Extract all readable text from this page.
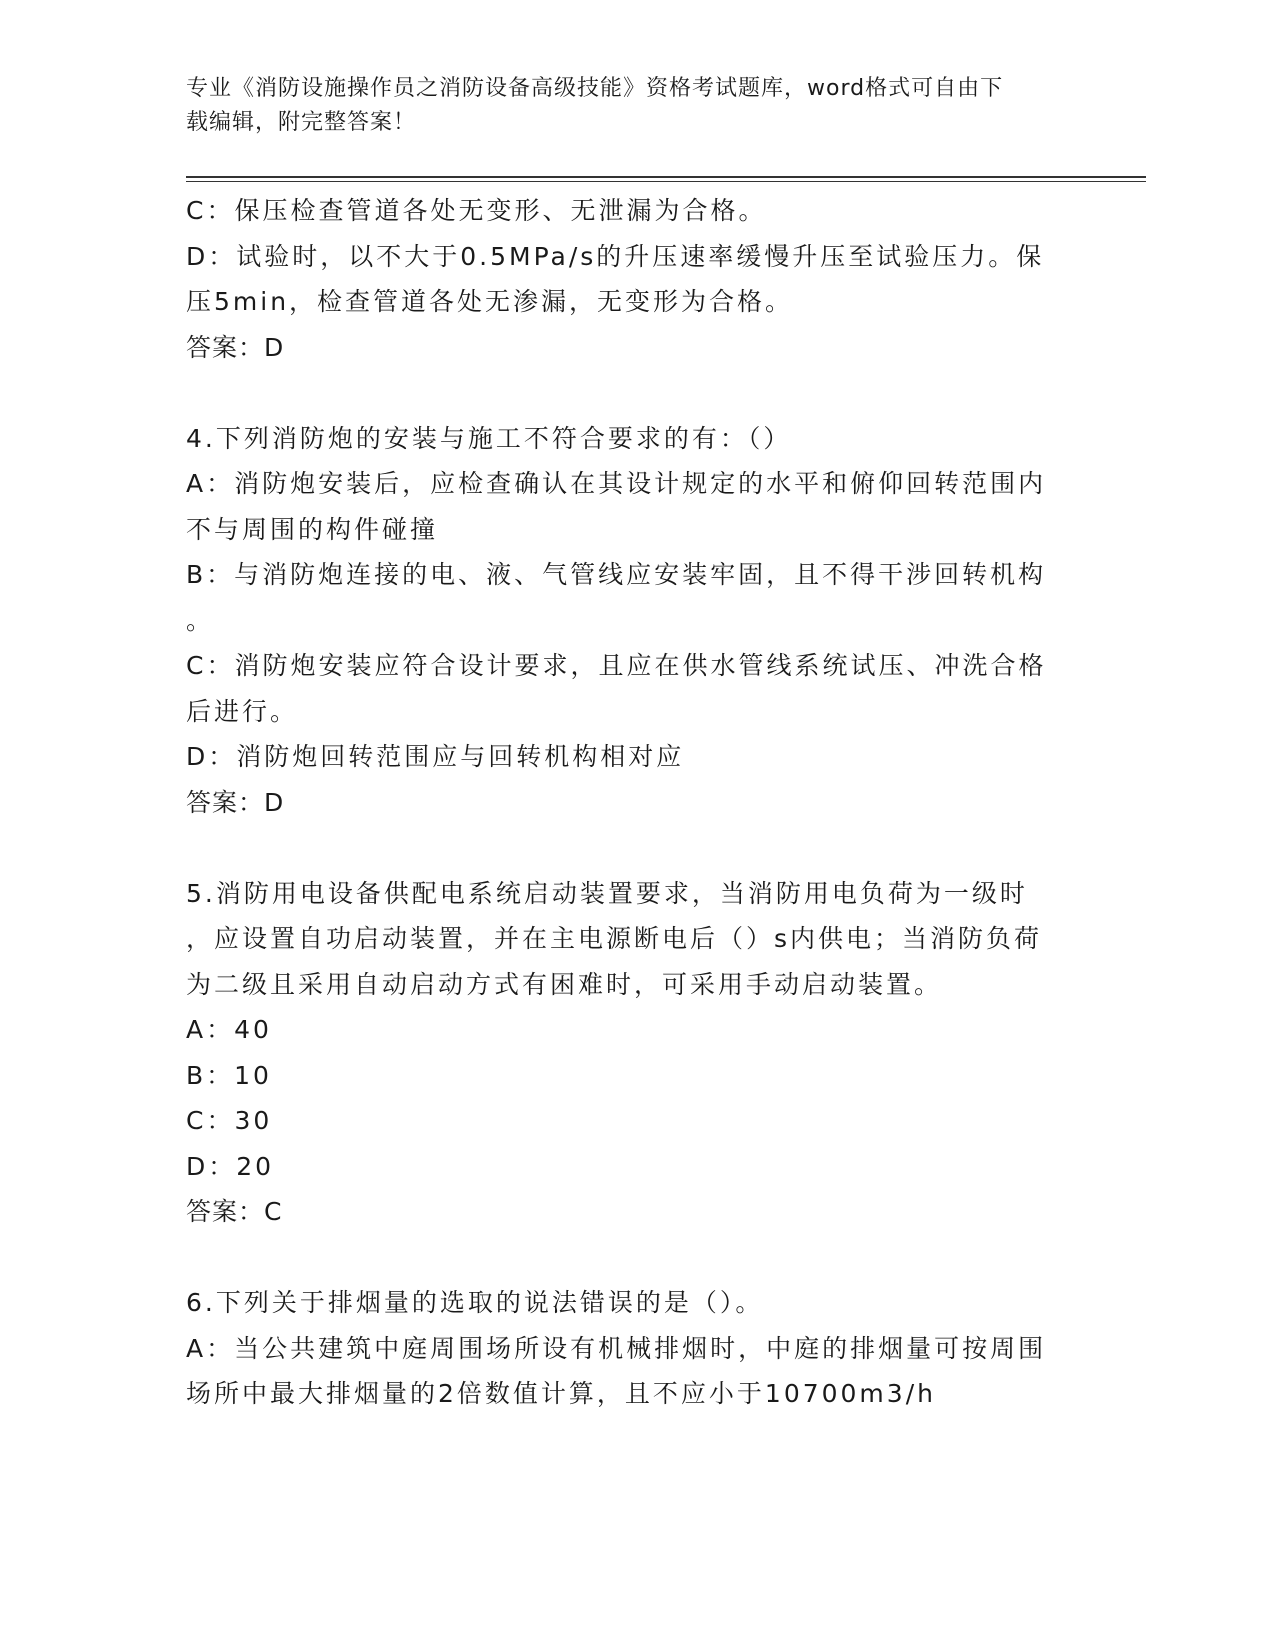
专业《消防设施操作员之消防设备高级技能》资格考试题库，word格式可自由下
载编辑，附完整答案！
C：保压检查管道各处无变形、无泄漏为合格。
D：试验时，以不大于0.5MPa/s的升压速率缓慢升压至试验压力。保
压5min，检查管道各处无渗漏，无变形为合格。
答案：D
4.下列消防炮的安装与施工不符合要求的有：（）
A：消防炮安装后，应检查确认在其设计规定的水平和俯仰回转范围内
不与周围的构件碰撞
B：与消防炮连接的电、液、气管线应安装牢固，且不得干涉回转机构
。
C：消防炮安装应符合设计要求，且应在供水管线系统试压、冲洗合格
后进行。
D：消防炮回转范围应与回转机构相对应
答案：D
5.消防用电设备供配电系统启动装置要求，当消防用电负荷为一级时
，应设置自功启动装置，并在主电源断电后（）s内供电；当消防负荷
为二级且采用自动启动方式有困难时，可采用手动启动装置。
A：40
B：10
C：30
D：20
答案：C
6.下列关于排烟量的选取的说法错误的是（）。
A：当公共建筑中庭周围场所设有机械排烟时，中庭的排烟量可按周围
场所中最大排烟量的2倍数值计算，且不应小于10700m3/h
